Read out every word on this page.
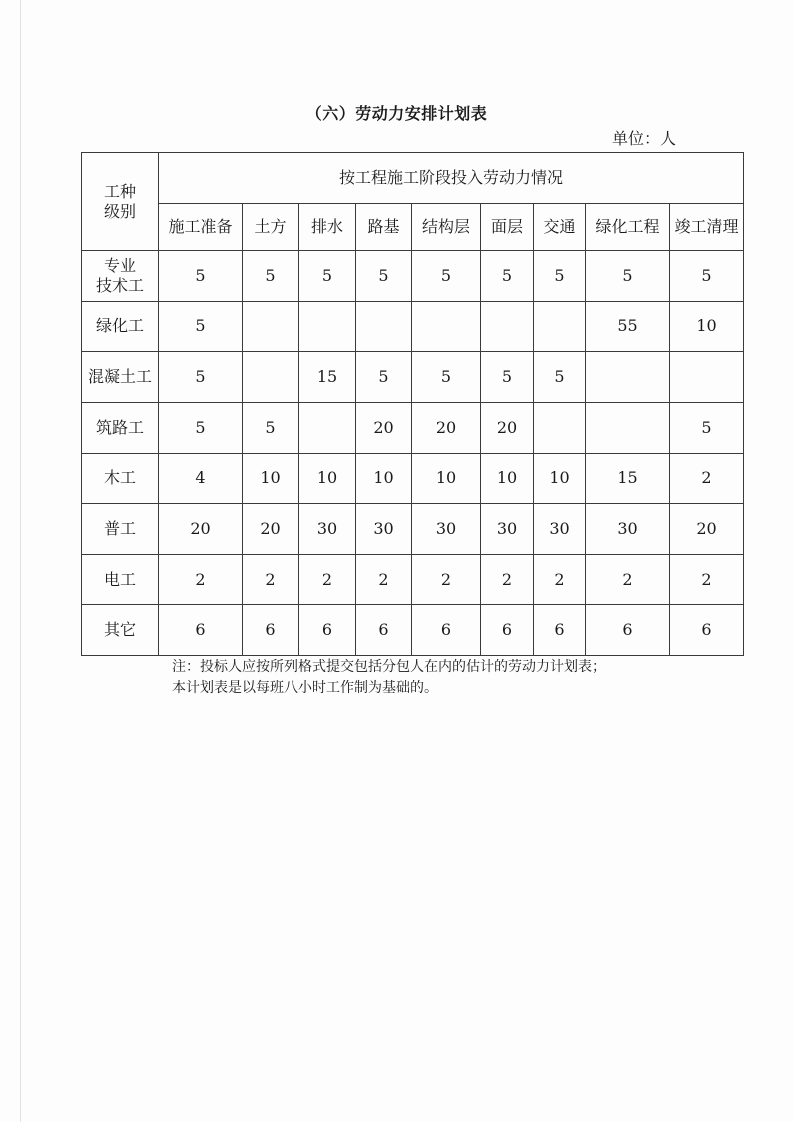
（六）劳动力安排计划表
单位：人
工种
级别	按工程施工阶段投入劳动力情况								
	施工准备	土方	排水	路基	结构层	面层	交通	绿化工程	竣工清理

专业
技术工	5	5	5	5	5	5	5	5	5

绿化工	5							55	10

混凝土工	5		15	5	5	5	5		

筑路工	5	5		20	20	20			5

木工	4	10	10	10	10	10	10	15	2

普工	20	20	30	30	30	30	30	30	20

电工	2	2	2	2	2	2	2	2	2

其它	6	6	6	6	6	6	6	6	6
注：投标人应按所列格式提交包括分包人在内的估计的劳动力计划表；
本计划表是以每班八小时工作制为基础的。
